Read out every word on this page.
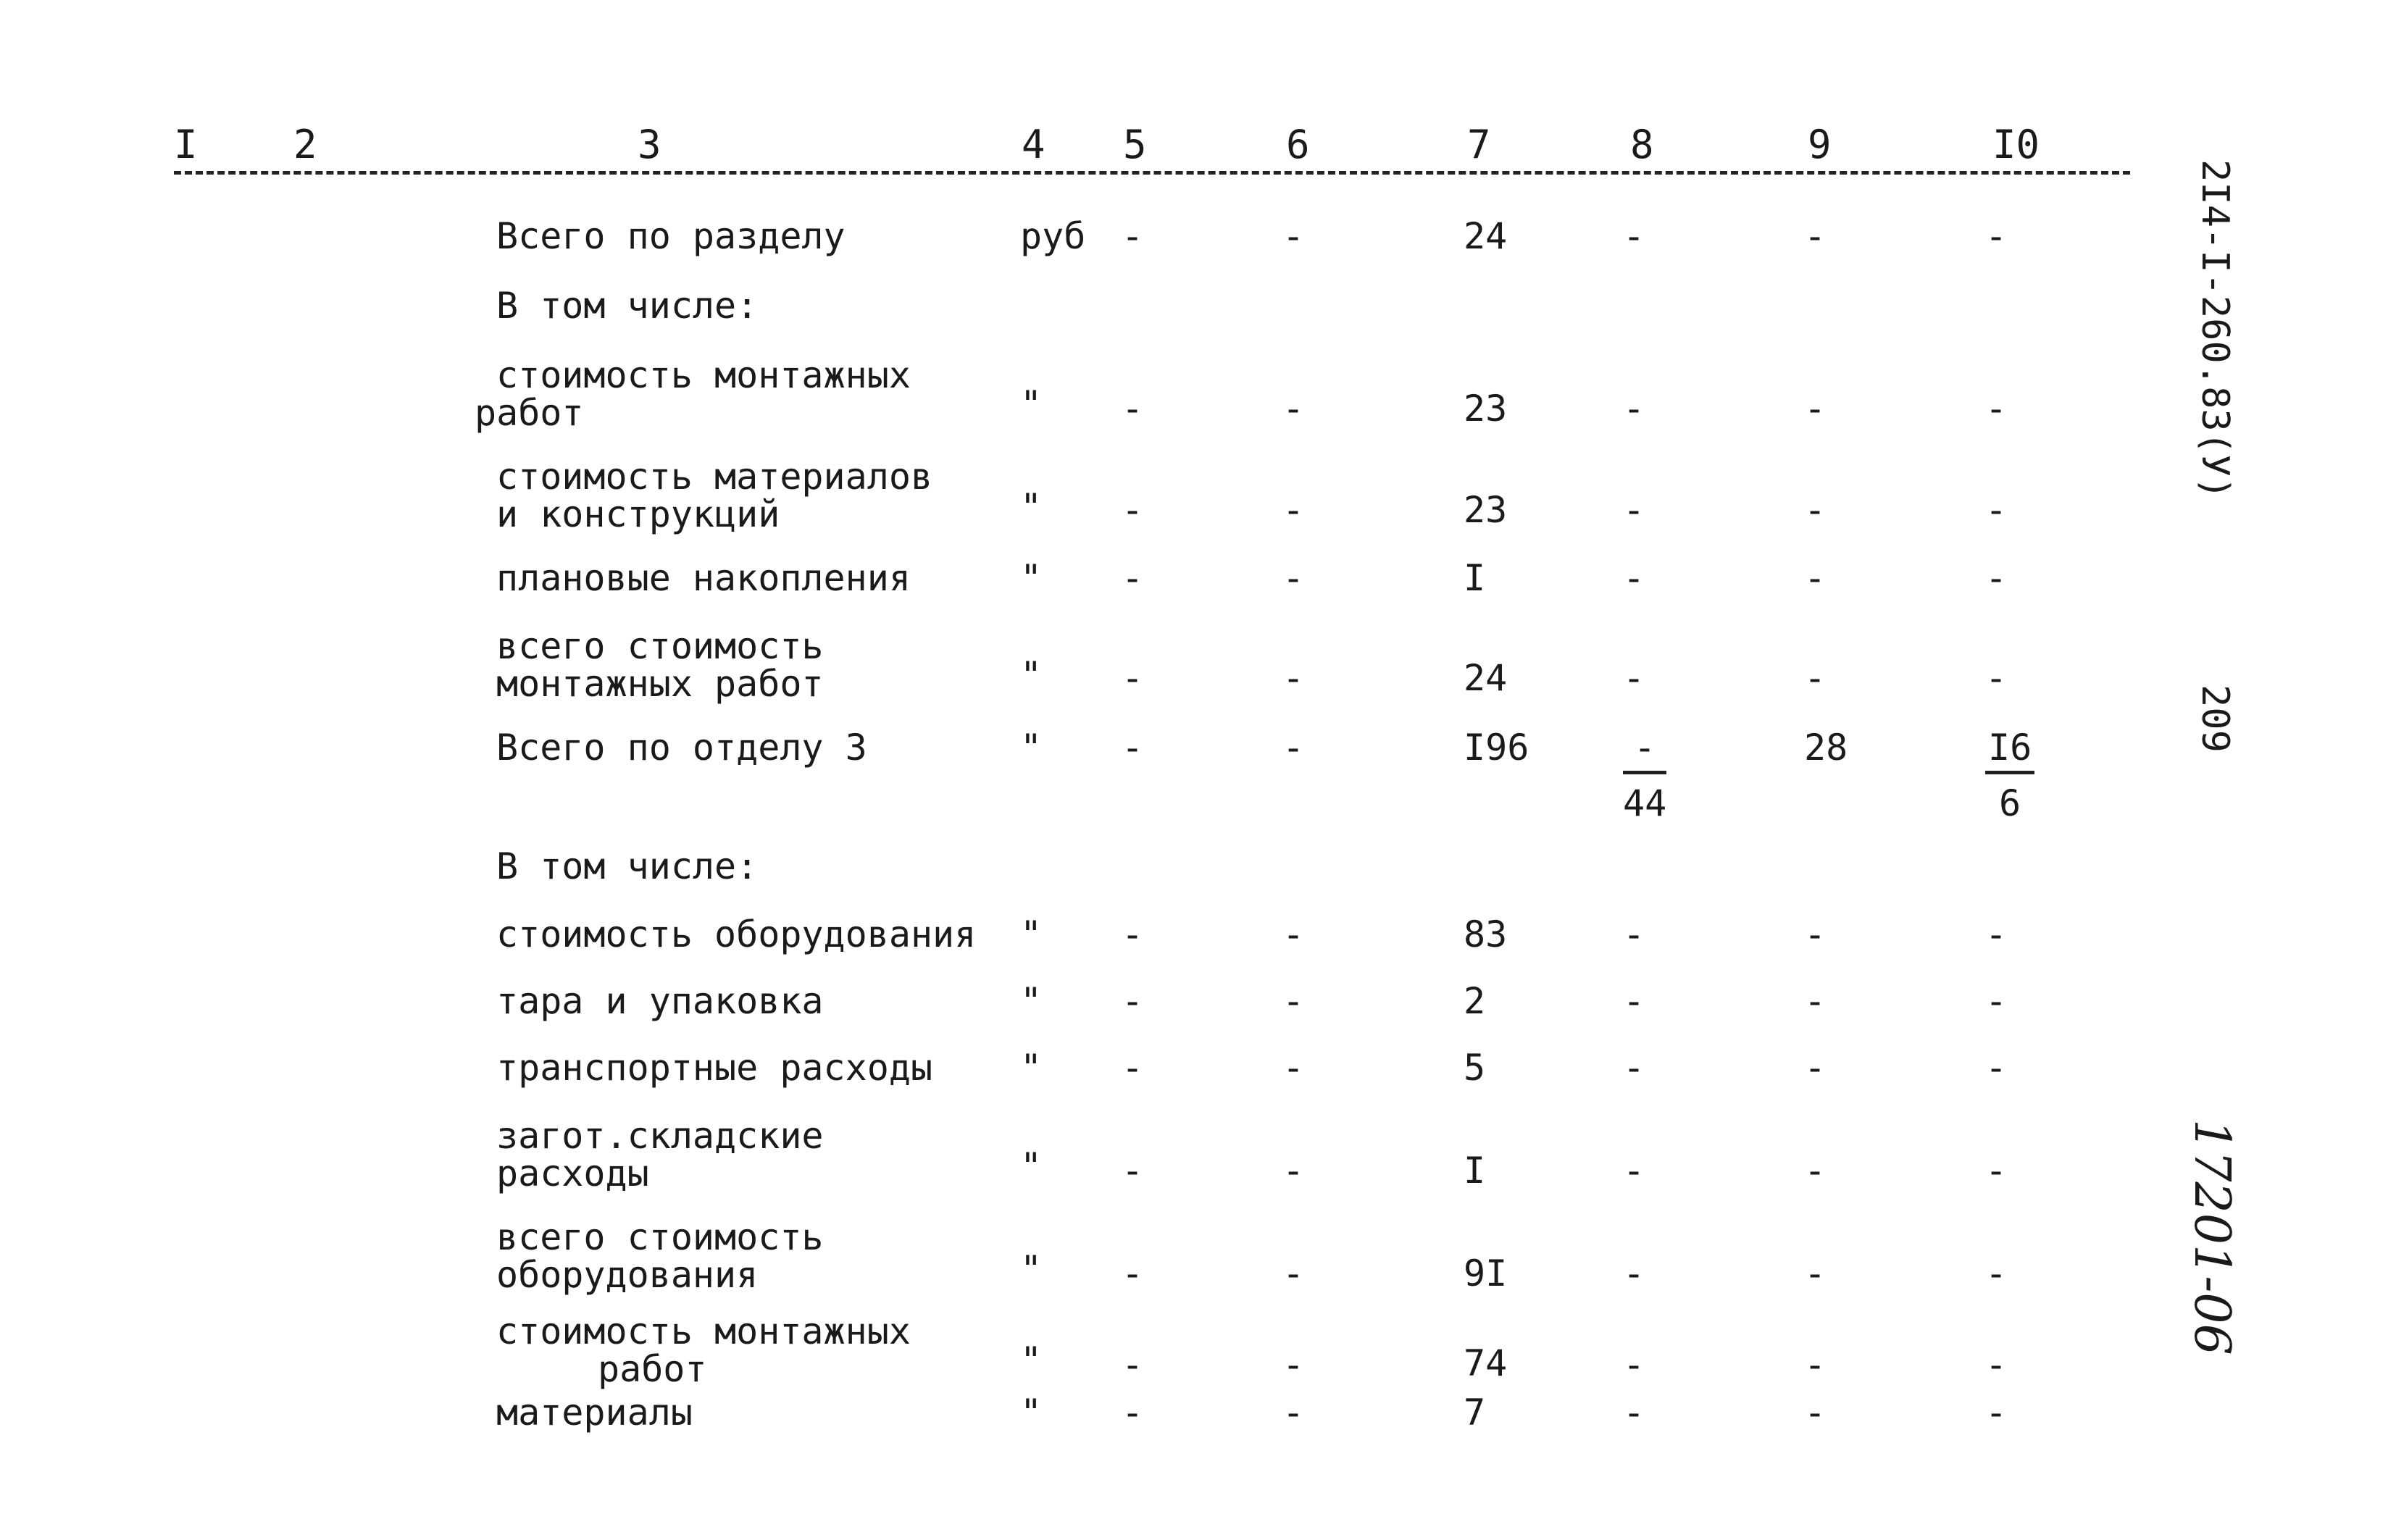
I 2	3	4 5	6	7	8	9	I0
Всего по разделу	руб -	-	24	-	-	-
В том числе:
стоимость монтажных
работ	" -	-	23	-	-	-
стоимость материалов
и конструкций	" -	-	23	-	-	-
плановые накопления	" -	-	I	-	-	-
всего стоимость
монтажных работ	" -	-	24	-	-	-
Всего по отделу 3	" -	-	I96	$\frac{-}{44}$	28	$\frac{I6}{6}$
В том числе:
стоимость оборудования " -	-	83	-	-	-
тара и упаковка	" -	-	2	-	-	-
транспортные расходы " -	-	5	-	-	-
загот.складские
расходы	" -	-	I	-	-	-
всего стоимость
оборудования	" -	-	9I	-	-	-
стоимость монтажных
работ	" -	-	74	-	-	-
материалы	" -	-	7	-	-	-
2I4-I-260.83(У)
209
17201-06
